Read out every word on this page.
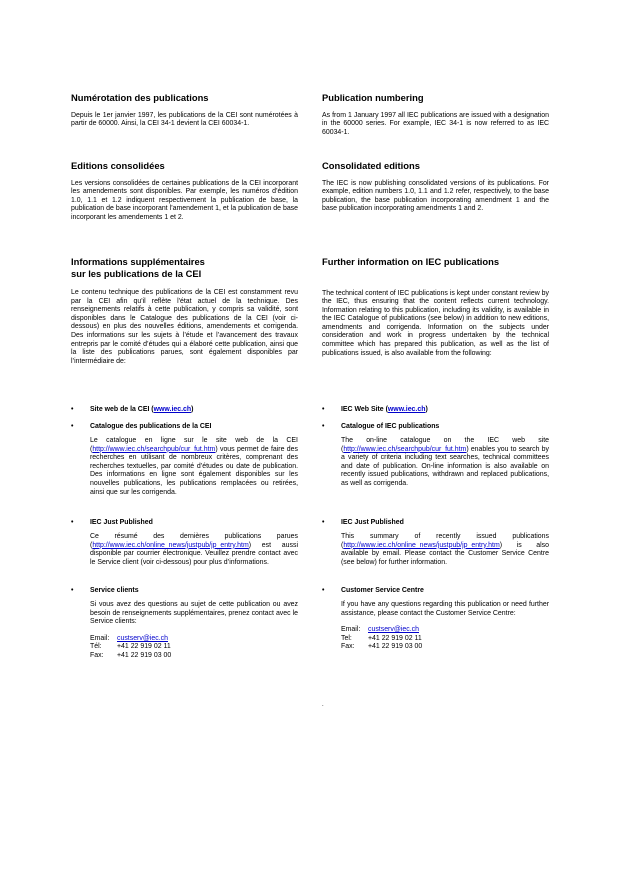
Numérotation des publications

Depuis le 1er janvier 1997, les publications de la CEI sont numérotées à partir de 60000. Ainsi, la CEI 34-1 devient la CEI 60034-1.

Editions consolidées

Les versions consolidées de certaines publications de la CEI incorporant les amendements sont disponibles. Par exemple, les numéros d’édition 1.0, 1.1 et 1.2 indiquent respectivement la publication de base, la publication de base incorporant l’amendement 1, et la publication de base incorporant les amendements 1 et 2.

Informations supplémentaires
sur les publications de la CEI

Le contenu technique des publications de la CEI est constamment revu par la CEI afin qu'il reflète l'état actuel de la technique. Des renseignements relatifs à cette publication, y compris sa validité, sont disponibles dans le Catalogue des publications de la CEI (voir ci-dessous) en plus des nouvelles éditions, amendements et corrigenda. Des informations sur les sujets à l’étude et l’avancement des travaux entrepris par le comité d’études qui a élaboré cette publication, ainsi que la liste des publications parues, sont également disponibles par l’intermédiaire de:

• Site web de la CEI (www.iec.ch)
• Catalogue des publications de la CEI
Le catalogue en ligne sur le site web de la CEI (http://www.iec.ch/searchpub/cur_fut.htm) vous permet de faire des recherches en utilisant de nombreux critères, comprenant des recherches textuelles, par comité d’études ou date de publication. Des informations en ligne sont également disponibles sur les nouvelles publications, les publications remplacées ou retirées, ainsi que sur les corrigenda.
• IEC Just Published
Ce résumé des dernières publications parues (http://www.iec.ch/online_news/justpub/jp_entry.htm) est aussi disponible par courrier électronique. Veuillez prendre contact avec le Service client (voir ci-dessous) pour plus d’informations.
• Service clients
Si vous avez des questions au sujet de cette publication ou avez besoin de renseignements supplémentaires, prenez contact avec le Service clients:
Email: custserv@iec.ch
Tél: +41 22 919 02 11
Fax: +41 22 919 03 00
Publication numbering

As from 1 January 1997 all IEC publications are issued with a designation in the 60000 series. For example, IEC 34-1 is now referred to as IEC 60034-1.

Consolidated editions

The IEC is now publishing consolidated versions of its publications. For example, edition numbers 1.0, 1.1 and 1.2 refer, respectively, to the base publication, the base publication incorporating amendment 1 and the base publication incorporating amendments 1 and 2.

Further information on IEC publications

The technical content of IEC publications is kept under constant review by the IEC, thus ensuring that the content reflects current technology. Information relating to this publication, including its validity, is available in the IEC Catalogue of publications (see below) in addition to new editions, amendments and corrigenda. Information on the subjects under consideration and work in progress undertaken by the technical committee which has prepared this publication, as well as the list of publications issued, is also available from the following:

• IEC Web Site (www.iec.ch)
• Catalogue of IEC publications
The on-line catalogue on the IEC web site (http://www.iec.ch/searchpub/cur_fut.htm) enables you to search by a variety of criteria including text searches, technical committees and date of publication. On-line information is also available on recently issued publications, withdrawn and replaced publications, as well as corrigenda.
• IEC Just Published
This summary of recently issued publications (http://www.iec.ch/online_news/justpub/jp_entry.htm) is also available by email. Please contact the Customer Service Centre (see below) for further information.
• Customer Service Centre
If you have any questions regarding this publication or need further assistance, please contact the Customer Service Centre:
Email: custserv@iec.ch
Tel: +41 22 919 02 11
Fax: +41 22 919 03 00
.
